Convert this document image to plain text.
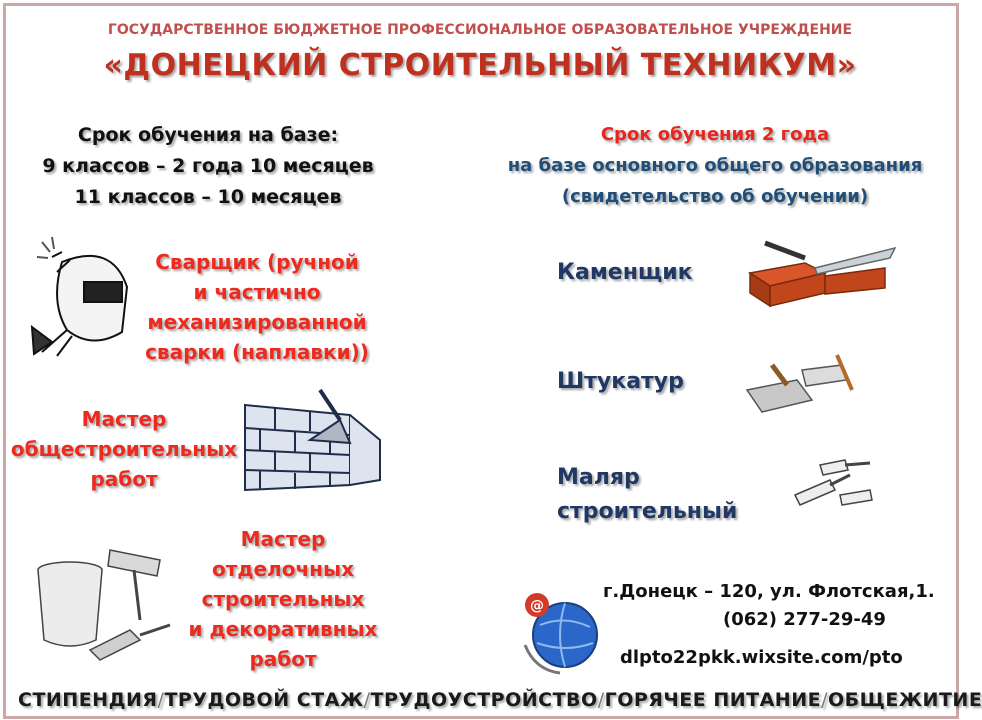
ГОСУДАРСТВЕННОЕ БЮДЖЕТНОЕ ПРОФЕССИОНАЛЬНОЕ ОБРАЗОВАТЕЛЬНОЕ УЧРЕЖДЕНИЕ
«ДОНЕЦКИЙ СТРОИТЕЛЬНЫЙ ТЕХНИКУМ»
Срок обучения на базе:
9 классов – 2 года 10 месяцев
11 классов – 10 месяцев
Срок обучения 2 года
на базе основного общего образования
(свидетельство об обучении)
Сварщик (ручной
и частично
механизированной
сварки (наплавки))
Мастер
общестроительных
работ
Мастер
отделочных
строительных
и декоративных
работ
Каменщик
Штукатур
Маляр
строительный
@
г.Донецк – 120, ул. Флотская,1.
(062) 277-29-49
dlpto22pkk.wixsite.com/pto
СТИПЕНДИЯ/ТРУДОВОЙ СТАЖ/ТРУДОУСТРОЙСТВО/ГОРЯЧЕЕ ПИТАНИЕ/ОБЩЕЖИТИЕ
